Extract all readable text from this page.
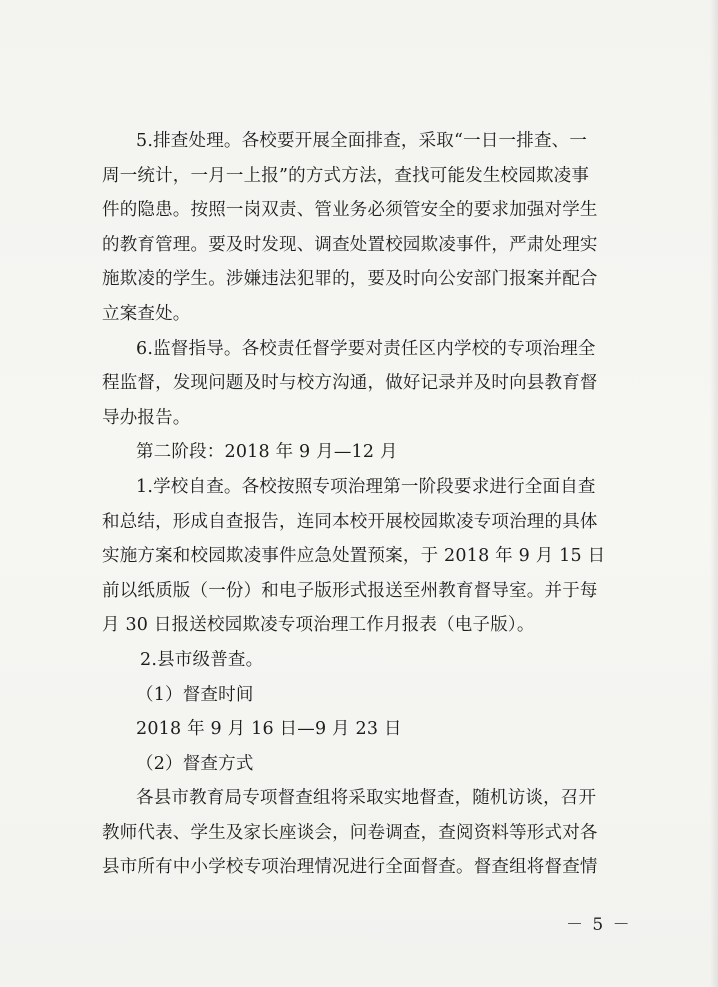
5.排查处理。各校要开展全面排查，采取“一日一排查、一
周一统计，一月一上报”的方式方法，查找可能发生校园欺凌事
件的隐患。按照一岗双责、管业务必须管安全的要求加强对学生
的教育管理。要及时发现、调查处置校园欺凌事件，严肃处理实
施欺凌的学生。涉嫌违法犯罪的，要及时向公安部门报案并配合
立案查处。
6.监督指导。各校责任督学要对责任区内学校的专项治理全
程监督，发现问题及时与校方沟通，做好记录并及时向县教育督
导办报告。
第二阶段：2018 年 9 月—12 月
1.学校自查。各校按照专项治理第一阶段要求进行全面自查
和总结，形成自查报告，连同本校开展校园欺凌专项治理的具体
实施方案和校园欺凌事件应急处置预案，于 2018 年 9 月 15 日
前以纸质版（一份）和电子版形式报送至州教育督导室。并于每
月 30 日报送校园欺凌专项治理工作月报表（电子版）。
2.县市级普查。
（1）督查时间
2018 年 9 月 16 日—9 月 23 日
（2）督查方式
各县市教育局专项督查组将采取实地督查，随机访谈，召开
教师代表、学生及家长座谈会，问卷调查，查阅资料等形式对各
县市所有中小学校专项治理情况进行全面督查。督查组将督查情
－ 5 －
